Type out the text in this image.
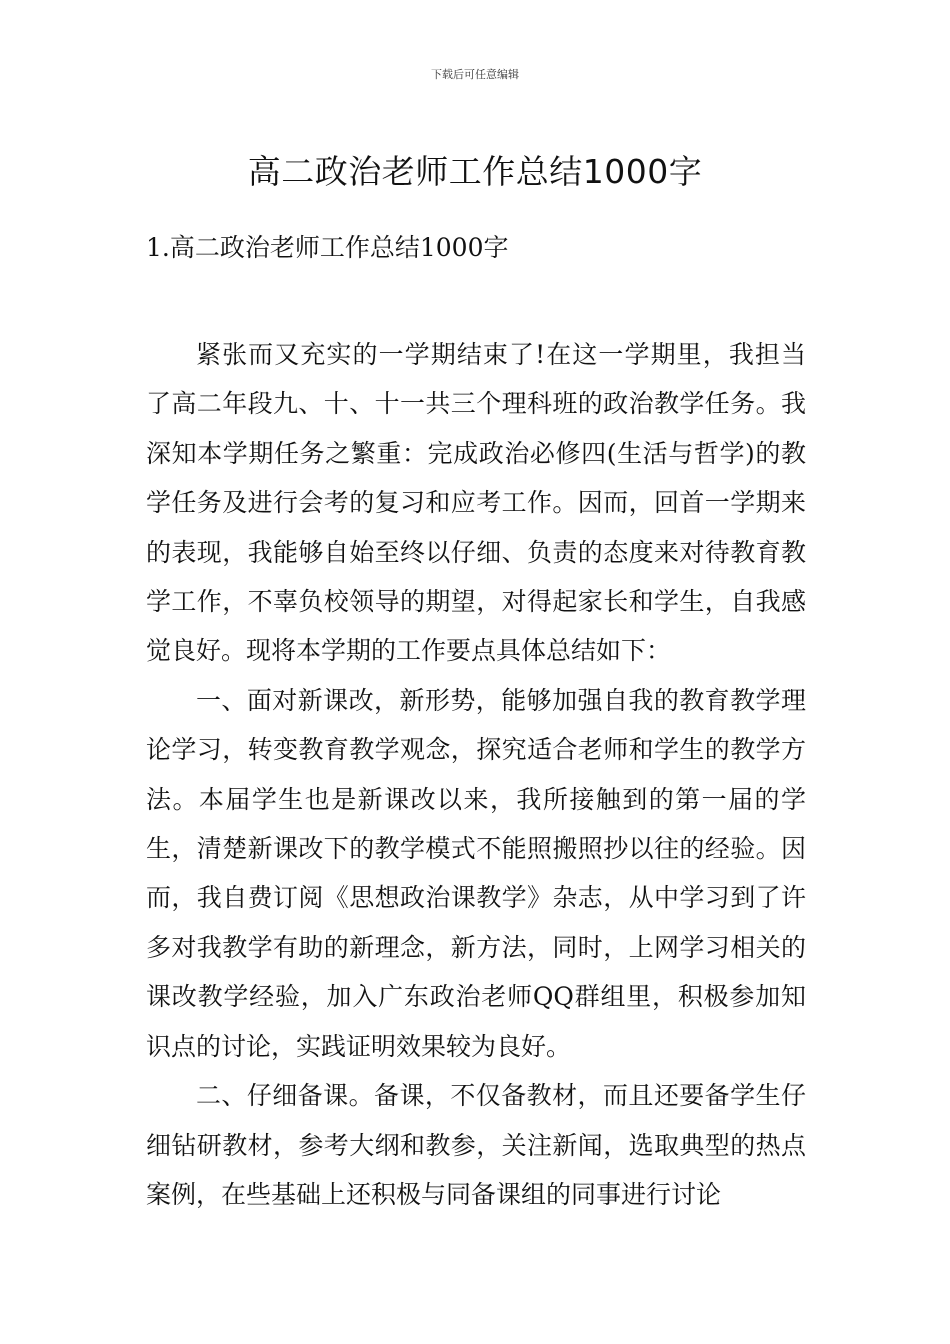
下载后可任意编辑
高二政治老师工作总结1000字
1.高二政治老师工作总结1000字

紧张而又充实的一学期结束了!在这一学期里，我担当了高二年段九、十、十一共三个理科班的政治教学任务。我深知本学期任务之繁重：完成政治必修四(生活与哲学)的教学任务及进行会考的复习和应考工作。因而，回首一学期来的表现，我能够自始至终以仔细、负责的态度来对待教育教学工作，不辜负校领导的期望，对得起家长和学生，自我感觉良好。现将本学期的工作要点具体总结如下：

一、面对新课改，新形势，能够加强自我的教育教学理论学习，转变教育教学观念，探究适合老师和学生的教学方法。本届学生也是新课改以来，我所接触到的第一届的学生，清楚新课改下的教学模式不能照搬照抄以往的经验。因而，我自费订阅《思想政治课教学》杂志，从中学习到了许多对我教学有助的新理念，新方法，同时，上网学习相关的课改教学经验，加入广东政治老师QQ群组里，积极参加知识点的讨论，实践证明效果较为良好。

二、仔细备课。备课，不仅备教材，而且还要备学生仔细钻研教材，参考大纲和教参，关注新闻，选取典型的热点案例，在些基础上还积极与同备课组的同事进行讨论
